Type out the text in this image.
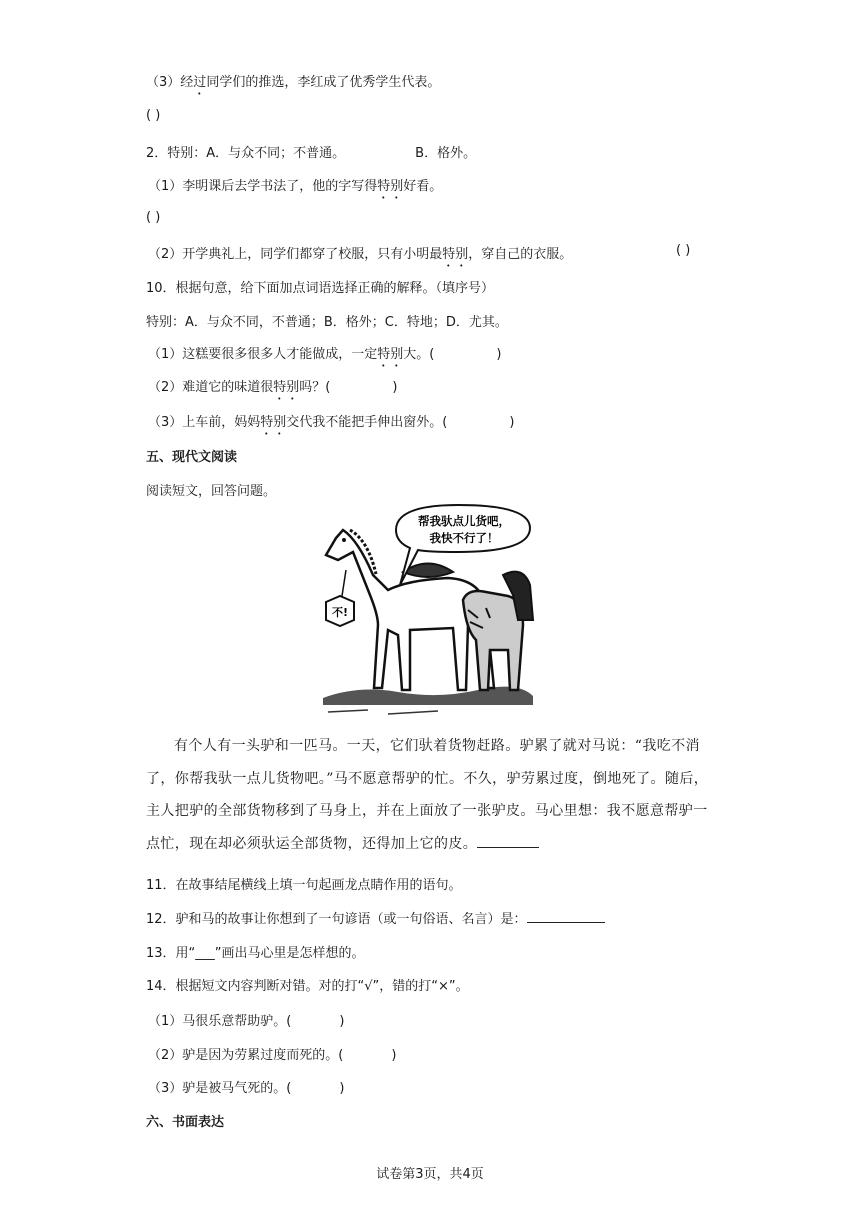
（3）经过同学们的推选，李红成了优秀学生代表。
( )
2．特别：A．与众不同；不普通。	B．格外。
（1）李明课后去学书法了，他的字写得特别好看。
( )
（2）开学典礼上，同学们都穿了校服，只有小明最特别，穿自己的衣服。	( )
10．根据句意，给下面加点词语选择正确的解释。（填序号）
特别：A．与众不同，不普通；B．格外；C．特地；D．尤其。
（1）这糕要很多很多人才能做成，一定特别大。(	)
（2）难道它的味道很特别吗？(	)
（3）上车前，妈妈特别交代我不能把手伸出窗外。(	)
五、现代文阅读
阅读短文，回答问题。
不!
帮我驮点儿货吧，
我快不行了！
有个人有一头驴和一匹马。一天，它们驮着货物赶路。驴累了就对马说：“我吃不消了，你帮我驮一点儿货物吧。”马不愿意帮驴的忙。不久，驴劳累过度，倒地死了。随后，主人把驴的全部货物移到了马身上，并在上面放了一张驴皮。马心里想：我不愿意帮驴一点忙，现在却必须驮运全部货物，还得加上它的皮。
11．在故事结尾横线上填一句起画龙点睛作用的语句。
12．驴和马的故事让你想到了一句谚语（或一句俗语、名言）是：
13．用“___”画出马心里是怎样想的。
14．根据短文内容判断对错。对的打“√”，错的打“×”。
（1）马很乐意帮助驴。(	)
（2）驴是因为劳累过度而死的。(	)
（3）驴是被马气死的。(	)
六、书面表达
试卷第3页，共4页
